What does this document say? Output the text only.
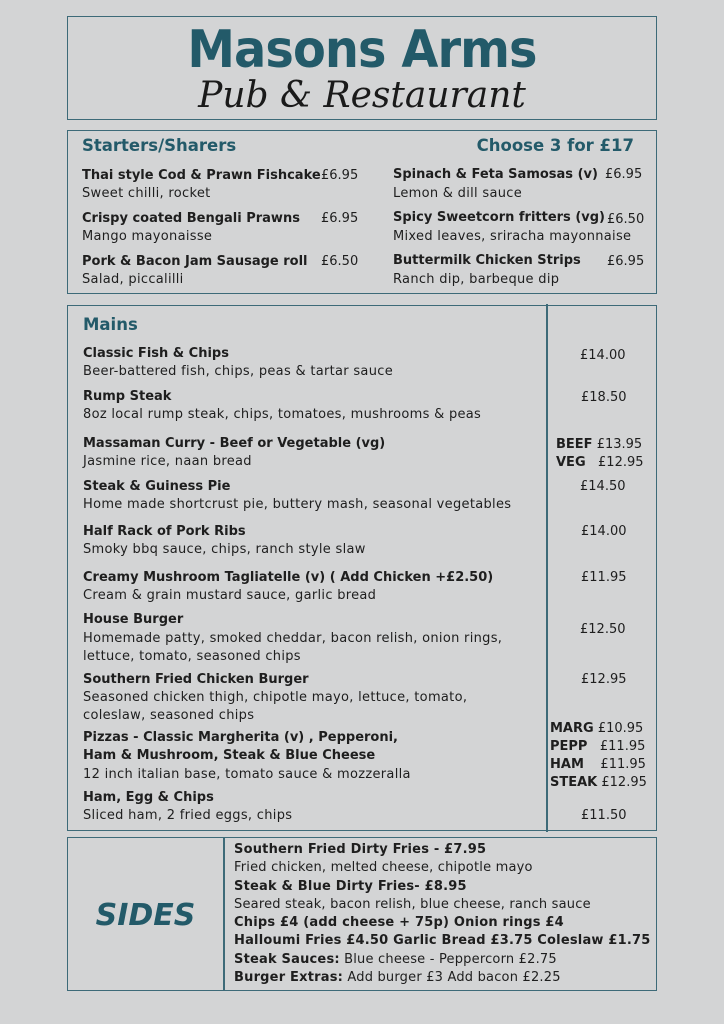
Masons Arms
Pub & Restaurant
Starters/Sharers	Choose 3 for £17
Thai style Cod & Prawn Fishcake £6.95
Sweet chilli, rocket
Spinach & Feta Samosas (v) £6.95
Lemon & dill sauce
Crispy coated Bengali Prawns £6.95
Mango mayonaisse
Spicy Sweetcorn fritters (vg) £6.50
Mixed leaves, sriracha mayonnaise
Pork & Bacon Jam Sausage roll £6.50
Salad, piccalilli
Buttermilk Chicken Strips £6.95
Ranch dip, barbeque dip
Mains
Classic Fish & Chips
Beer-battered fish, chips, peas & tartar sauce
£14.00
Rump Steak
8oz local rump steak, chips, tomatoes, mushrooms & peas
£18.50
Massaman Curry - Beef or Vegetable (vg)
Jasmine rice, naan bread
BEEF £13.95
VEG £12.95
Steak & Guiness Pie
Home made shortcrust pie, buttery mash, seasonal vegetables
£14.50
Half Rack of Pork Ribs
Smoky bbq sauce, chips, ranch style slaw
£14.00
Creamy Mushroom Tagliatelle (v) ( Add Chicken +£2.50)
Cream & grain mustard sauce, garlic bread
£11.95
House Burger
Homemade patty, smoked cheddar, bacon relish, onion rings,
lettuce, tomato, seasoned chips
£12.50
Southern Fried Chicken Burger
Seasoned chicken thigh, chipotle mayo, lettuce, tomato,
coleslaw, seasoned chips
£12.95
Pizzas - Classic Margherita (v) , Pepperoni,
Ham & Mushroom, Steak & Blue Cheese
12 inch italian base, tomato sauce & mozzeralla
MARG £10.95
PEPP £11.95
HAM £11.95
STEAK £12.95
Ham, Egg & Chips
Sliced ham, 2 fried eggs, chips	£11.50
SIDES
Southern Fried Dirty Fries - £7.95
Fried chicken, melted cheese, chipotle mayo
Steak & Blue Dirty Fries- £8.95
Seared steak, bacon relish, blue cheese, ranch sauce
Chips £4 (add cheese + 75p) Onion rings £4
Halloumi Fries £4.50 Garlic Bread £3.75 Coleslaw £1.75
Steak Sauces: Blue cheese - Peppercorn £2.75
Burger Extras: Add burger £3 Add bacon £2.25
